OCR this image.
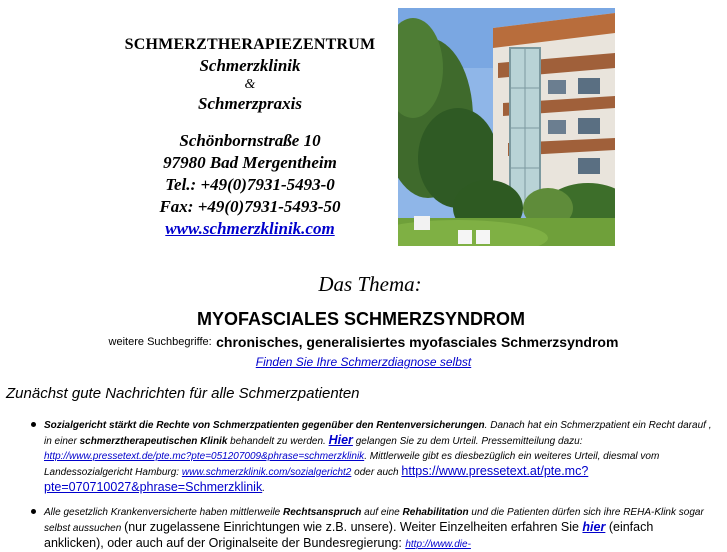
SCHMERZTHERAPIEZENTRUM
Schmerzklinik
&
Schmerzpraxis
Schönbornstraße 10
97980 Bad Mergentheim
Tel.: +49(0)7931-5493-0
Fax: +49(0)7931-5493-50
www.schmerzklinik.com
Das Thema:
MYOFASCIALES SCHMERZSYNDROM
weitere Suchbegriffe: chronisches, generalisiertes myofasciales Schmerzsyndrom
Finden Sie Ihre Schmerzdiagnose selbst
Zunächst gute Nachrichten für alle Schmerzpatienten
Sozialgericht stärkt die Rechte von Schmerzpatienten gegenüber den Rentenversicherungen. Danach hat ein Schmerzpatient ein Recht darauf , in einer schmerztherapeutischen Klinik behandelt zu werden. Hier gelangen Sie zu dem Urteil. Pressemitteilung dazu: http://www.pressetext.de/pte.mc?pte=051207009&phrase=schmerzklinik. Mittlerweile gibt es diesbezüglich ein weiteres Urteil, diesmal vom Landessozialgericht Hamburg: www.schmerzklinik.com/sozialgericht2 oder auch https://www.pressetext.at/pte.mc?pte=070710027&phrase=Schmerzklinik.
Alle gesetzlich Krankenversicherte haben mittlerweile Rechtsanspruch auf eine Rehabilitation und die Patienten dürfen sich ihre REHA-Klink sogar selbst aussuchen (nur zugelassene Einrichtungen wie z.B. unsere). Weiter Einzelheiten erfahren Sie hier (einfach anklicken), oder auch auf der Originalseite der Bundesregierung: http://www.die-
